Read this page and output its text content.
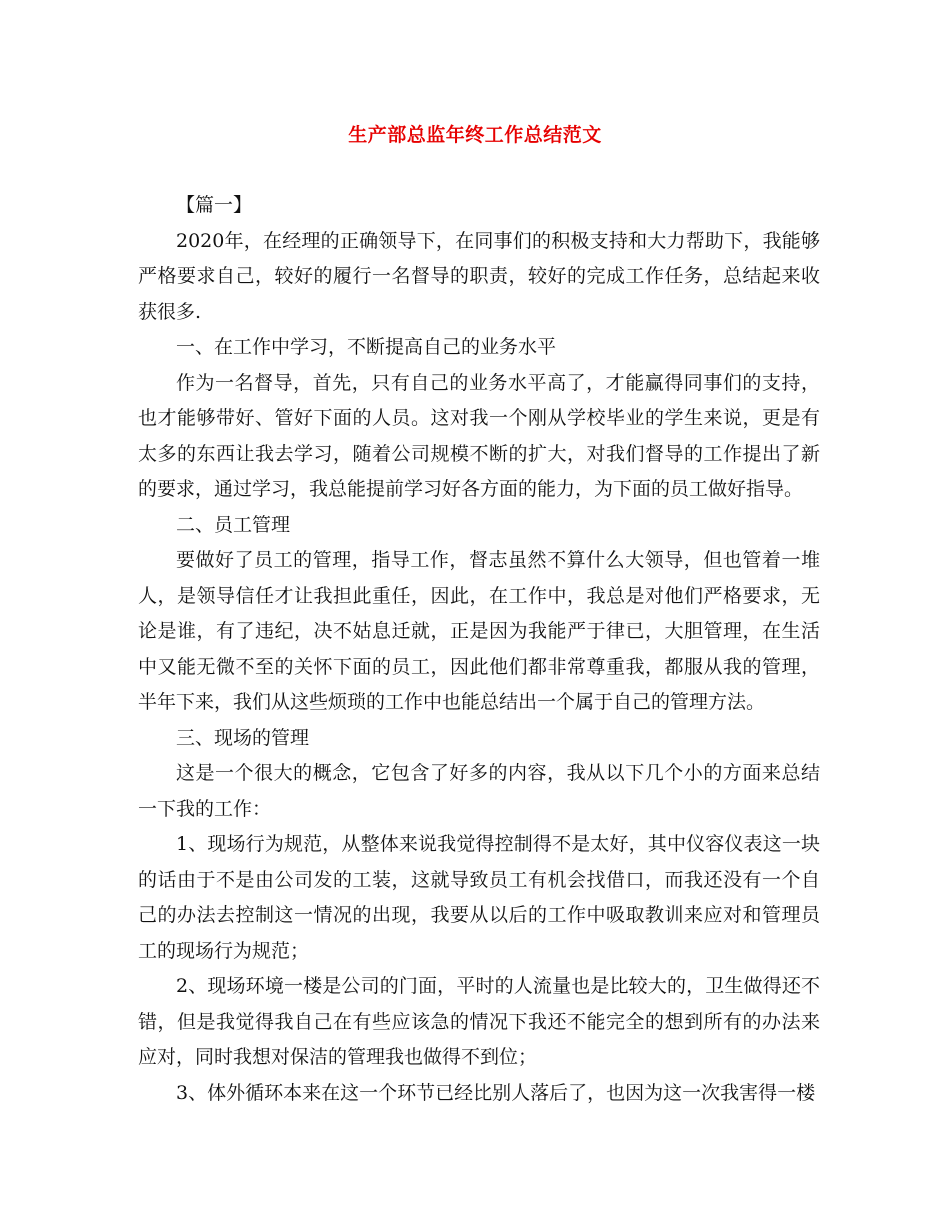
生产部总监年终工作总结范文

【篇一】

2020年，在经理的正确领导下，在同事们的积极支持和大力帮助下，我能够严格要求自己，较好的履行一名督导的职责，较好的完成工作任务，总结起来收获很多.

一、在工作中学习，不断提高自己的业务水平

作为一名督导，首先，只有自己的业务水平高了，才能赢得同事们的支持，也才能够带好、管好下面的人员。这对我一个刚从学校毕业的学生来说，更是有太多的东西让我去学习，随着公司规模不断的扩大，对我们督导的工作提出了新的要求，通过学习，我总能提前学习好各方面的能力，为下面的员工做好指导。

二、员工管理

要做好了员工的管理，指导工作，督志虽然不算什么大领导，但也管着一堆人，是领导信任才让我担此重任，因此，在工作中，我总是对他们严格要求，无论是谁，有了违纪，决不姑息迁就，正是因为我能严于律已，大胆管理，在生活中又能无微不至的关怀下面的员工，因此他们都非常尊重我，都服从我的管理，半年下来，我们从这些烦琐的工作中也能总结出一个属于自己的管理方法。

三、现场的管理

这是一个很大的概念，它包含了好多的内容，我从以下几个小的方面来总结一下我的工作：

1、现场行为规范，从整体来说我觉得控制得不是太好，其中仪容仪表这一块的话由于不是由公司发的工装，这就导致员工有机会找借口，而我还没有一个自己的办法去控制这一情况的出现，我要从以后的工作中吸取教训来应对和管理员工的现场行为规范；

2、现场环境一楼是公司的门面，平时的人流量也是比较大的，卫生做得还不错，但是我觉得我自己在有些应该急的情况下我还不能完全的想到所有的办法来应对，同时我想对保洁的管理我也做得不到位；

3、体外循环本来在这一个环节已经比别人落后了，也因为这一次我害得一楼
